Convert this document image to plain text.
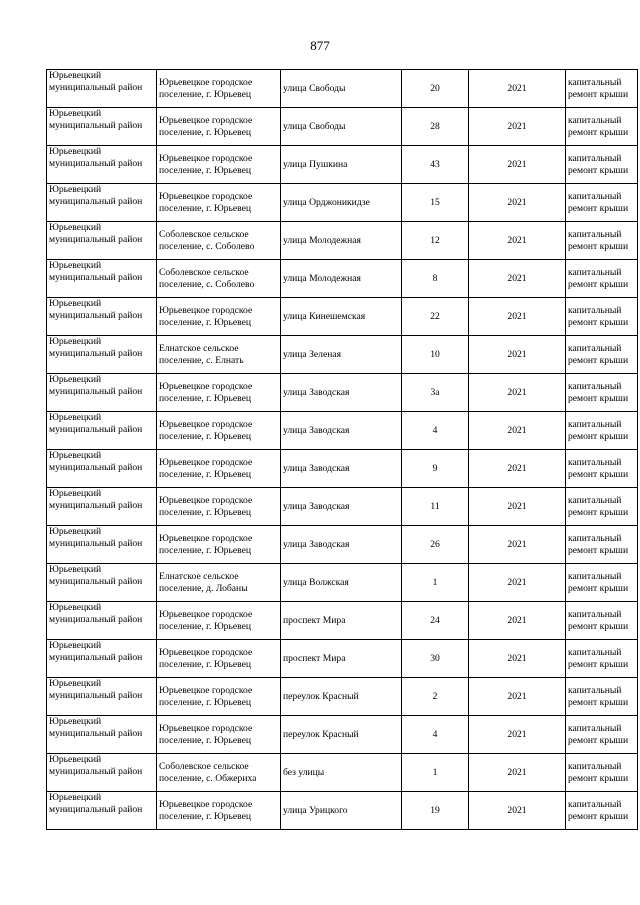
877
Юрьевецкий муниципальный район	Юрьевецкое городское поселение, г. Юрьевец	улица Свободы	20	2021	капитальный ремонт крыши

Юрьевецкий муниципальный район	Юрьевецкое городское поселение, г. Юрьевец	улица Свободы	28	2021	капитальный ремонт крыши

Юрьевецкий муниципальный район	Юрьевецкое городское поселение, г. Юрьевец	улица Пушкина	43	2021	капитальный ремонт крыши

Юрьевецкий муниципальный район	Юрьевецкое городское поселение, г. Юрьевец	улица Орджоникидзе	15	2021	капитальный ремонт крыши

Юрьевецкий муниципальный район	Соболевское сельское поселение, с. Соболево	улица Молодежная	12	2021	капитальный ремонт крыши

Юрьевецкий муниципальный район	Соболевское сельское поселение, с. Соболево	улица Молодежная	8	2021	капитальный ремонт крыши

Юрьевецкий муниципальный район	Юрьевецкое городское поселение, г. Юрьевец	улица Кинешемская	22	2021	капитальный ремонт крыши

Юрьевецкий муниципальный район	Елнатское сельское поселение, с. Елнать	улица Зеленая	10	2021	капитальный ремонт крыши

Юрьевецкий муниципальный район	Юрьевецкое городское поселение, г. Юрьевец	улица Заводская	3а	2021	капитальный ремонт крыши

Юрьевецкий муниципальный район	Юрьевецкое городское поселение, г. Юрьевец	улица Заводская	4	2021	капитальный ремонт крыши

Юрьевецкий муниципальный район	Юрьевецкое городское поселение, г. Юрьевец	улица Заводская	9	2021	капитальный ремонт крыши

Юрьевецкий муниципальный район	Юрьевецкое городское поселение, г. Юрьевец	улица Заводская	11	2021	капитальный ремонт крыши

Юрьевецкий муниципальный район	Юрьевецкое городское поселение, г. Юрьевец	улица Заводская	26	2021	капитальный ремонт крыши

Юрьевецкий муниципальный район	Елнатское сельское поселение, д. Лобаны	улица Волжская	1	2021	капитальный ремонт крыши

Юрьевецкий муниципальный район	Юрьевецкое городское поселение, г. Юрьевец	проспект Мира	24	2021	капитальный ремонт крыши

Юрьевецкий муниципальный район	Юрьевецкое городское поселение, г. Юрьевец	проспект Мира	30	2021	капитальный ремонт крыши

Юрьевецкий муниципальный район	Юрьевецкое городское поселение, г. Юрьевец	переулок Красный	2	2021	капитальный ремонт крыши

Юрьевецкий муниципальный район	Юрьевецкое городское поселение, г. Юрьевец	переулок Красный	4	2021	капитальный ремонт крыши

Юрьевецкий муниципальный район	Соболевское сельское поселение, с. Обжериха	без улицы	1	2021	капитальный ремонт крыши

Юрьевецкий муниципальный район	Юрьевецкое городское поселение, г. Юрьевец	улица Урицкого	19	2021	капитальный ремонт крыши
